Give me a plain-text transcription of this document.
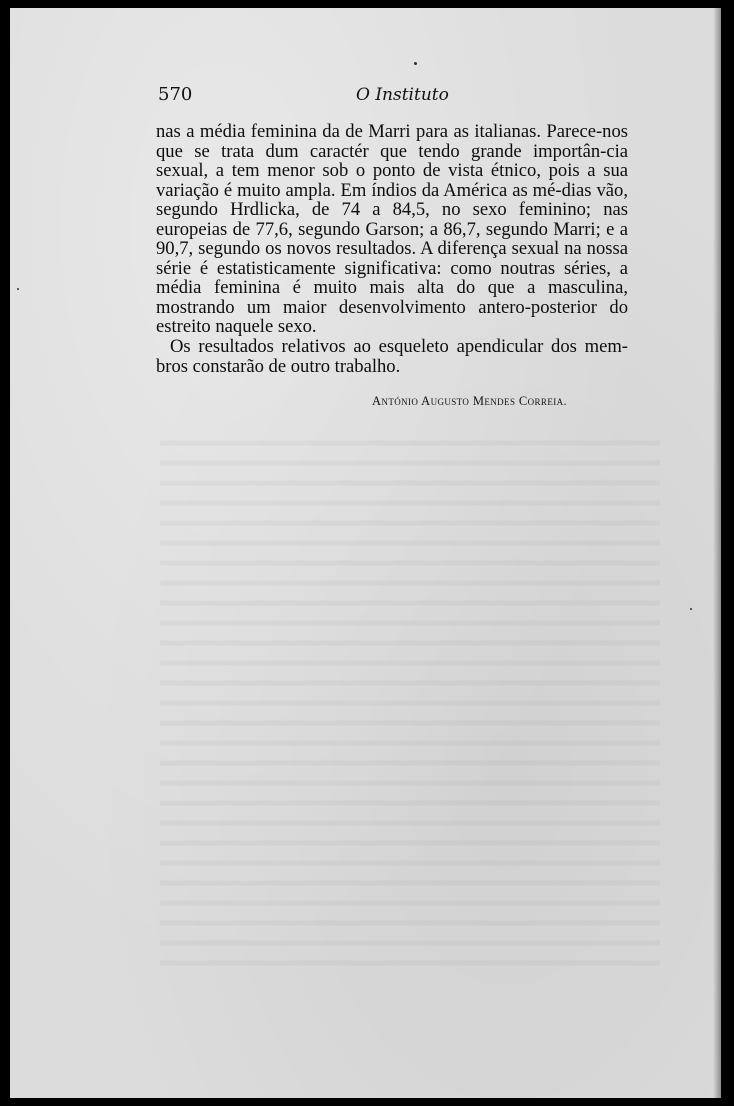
570	O Instituto

nas a média feminina da de Marri para as italianas. Parece-nos que se trata dum caractér que tendo grande importân-cia sexual, a tem menor sob o ponto de vista étnico, pois a sua variação é muito ampla. Em índios da América as mé-dias vão, segundo Hrdlicka, de 74 a 84,5, no sexo feminino; nas europeias de 77,6, segundo Garson; a 86,7, segundo Marri; e a 90,7, segundo os novos resultados. A diferença sexual na nossa série é estatisticamente significativa: como noutras séries, a média feminina é muito mais alta do que a masculina, mostrando um maior desenvolvimento antero-posterior do estreito naquele sexo.

Os resultados relativos ao esqueleto apendicular dos mem-bros constarão de outro trabalho.

António Augusto Mendes Correia.
